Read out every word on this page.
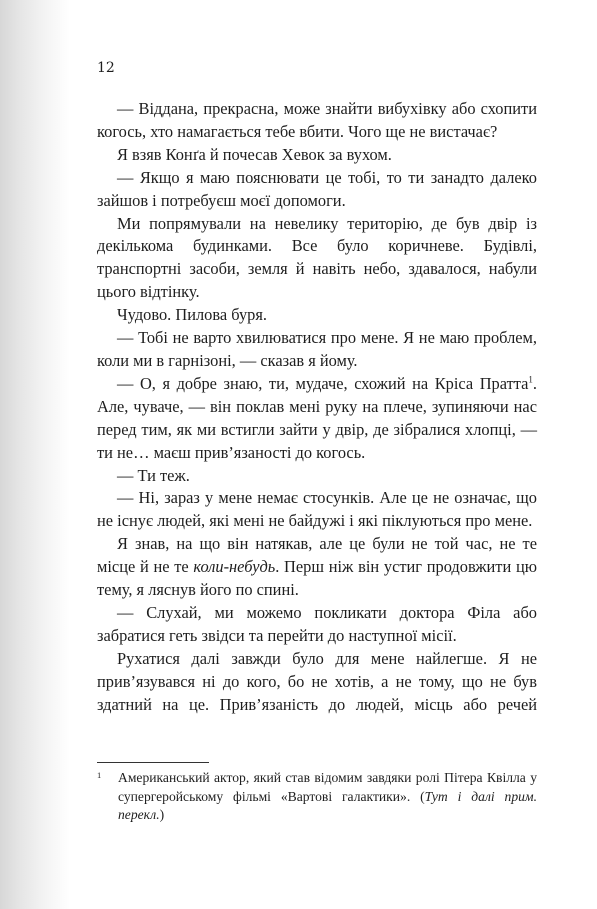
12

— Віддана, прекрасна, може знайти вибухівку або схопити когось, хто намагається тебе вбити. Чого ще не вистачає?

Я взяв Конґа й почесав Хевок за вухом.

— Якщо я маю пояснювати це тобі, то ти занадто далеко зайшов і потребуєш моєї допомоги.

Ми попрямували на невелику територію, де був двір із декількома будинками. Все було коричневе. Будівлі, транспортні засоби, земля й навіть небо, здавалося, набули цього відтінку.

Чудово. Пилова буря.

— Тобі не варто хвилюватися про мене. Я не маю проблем, коли ми в гарнізоні, — сказав я йому.

— О, я добре знаю, ти, мудаче, схожий на Кріса Пратта$^1$. Але, чуваче, — він поклав мені руку на плече, зупиняючи нас перед тим, як ми встигли зайти у двір, де зібралися хлопці, — ти не… маєш прив’язаності до когось.

— Ти теж.

— Ні, зараз у мене немає стосунків. Але це не означає, що не існує людей, які мені не байдужі і які піклуються про мене.

Я знав, на що він натякав, але це були не той час, не те місце й не те коли-небудь. Перш ніж він устиг продовжити цю тему, я ляснув його по спині.

— Слухай, ми можемо покликати доктора Філа або забратися геть звідси та перейти до наступної місії.

Рухатися далі завжди було для мене найлегше. Я не прив’язувався ні до кого, бо не хотів, а не тому, що не був здатний на це. Прив’язаність до людей, місць або речей

1 Американський актор, який став відомим завдяки ролі Пітера Квілла у супергеройському фільмі «Вартові галактики». (Тут і далі прим. перекл.)
